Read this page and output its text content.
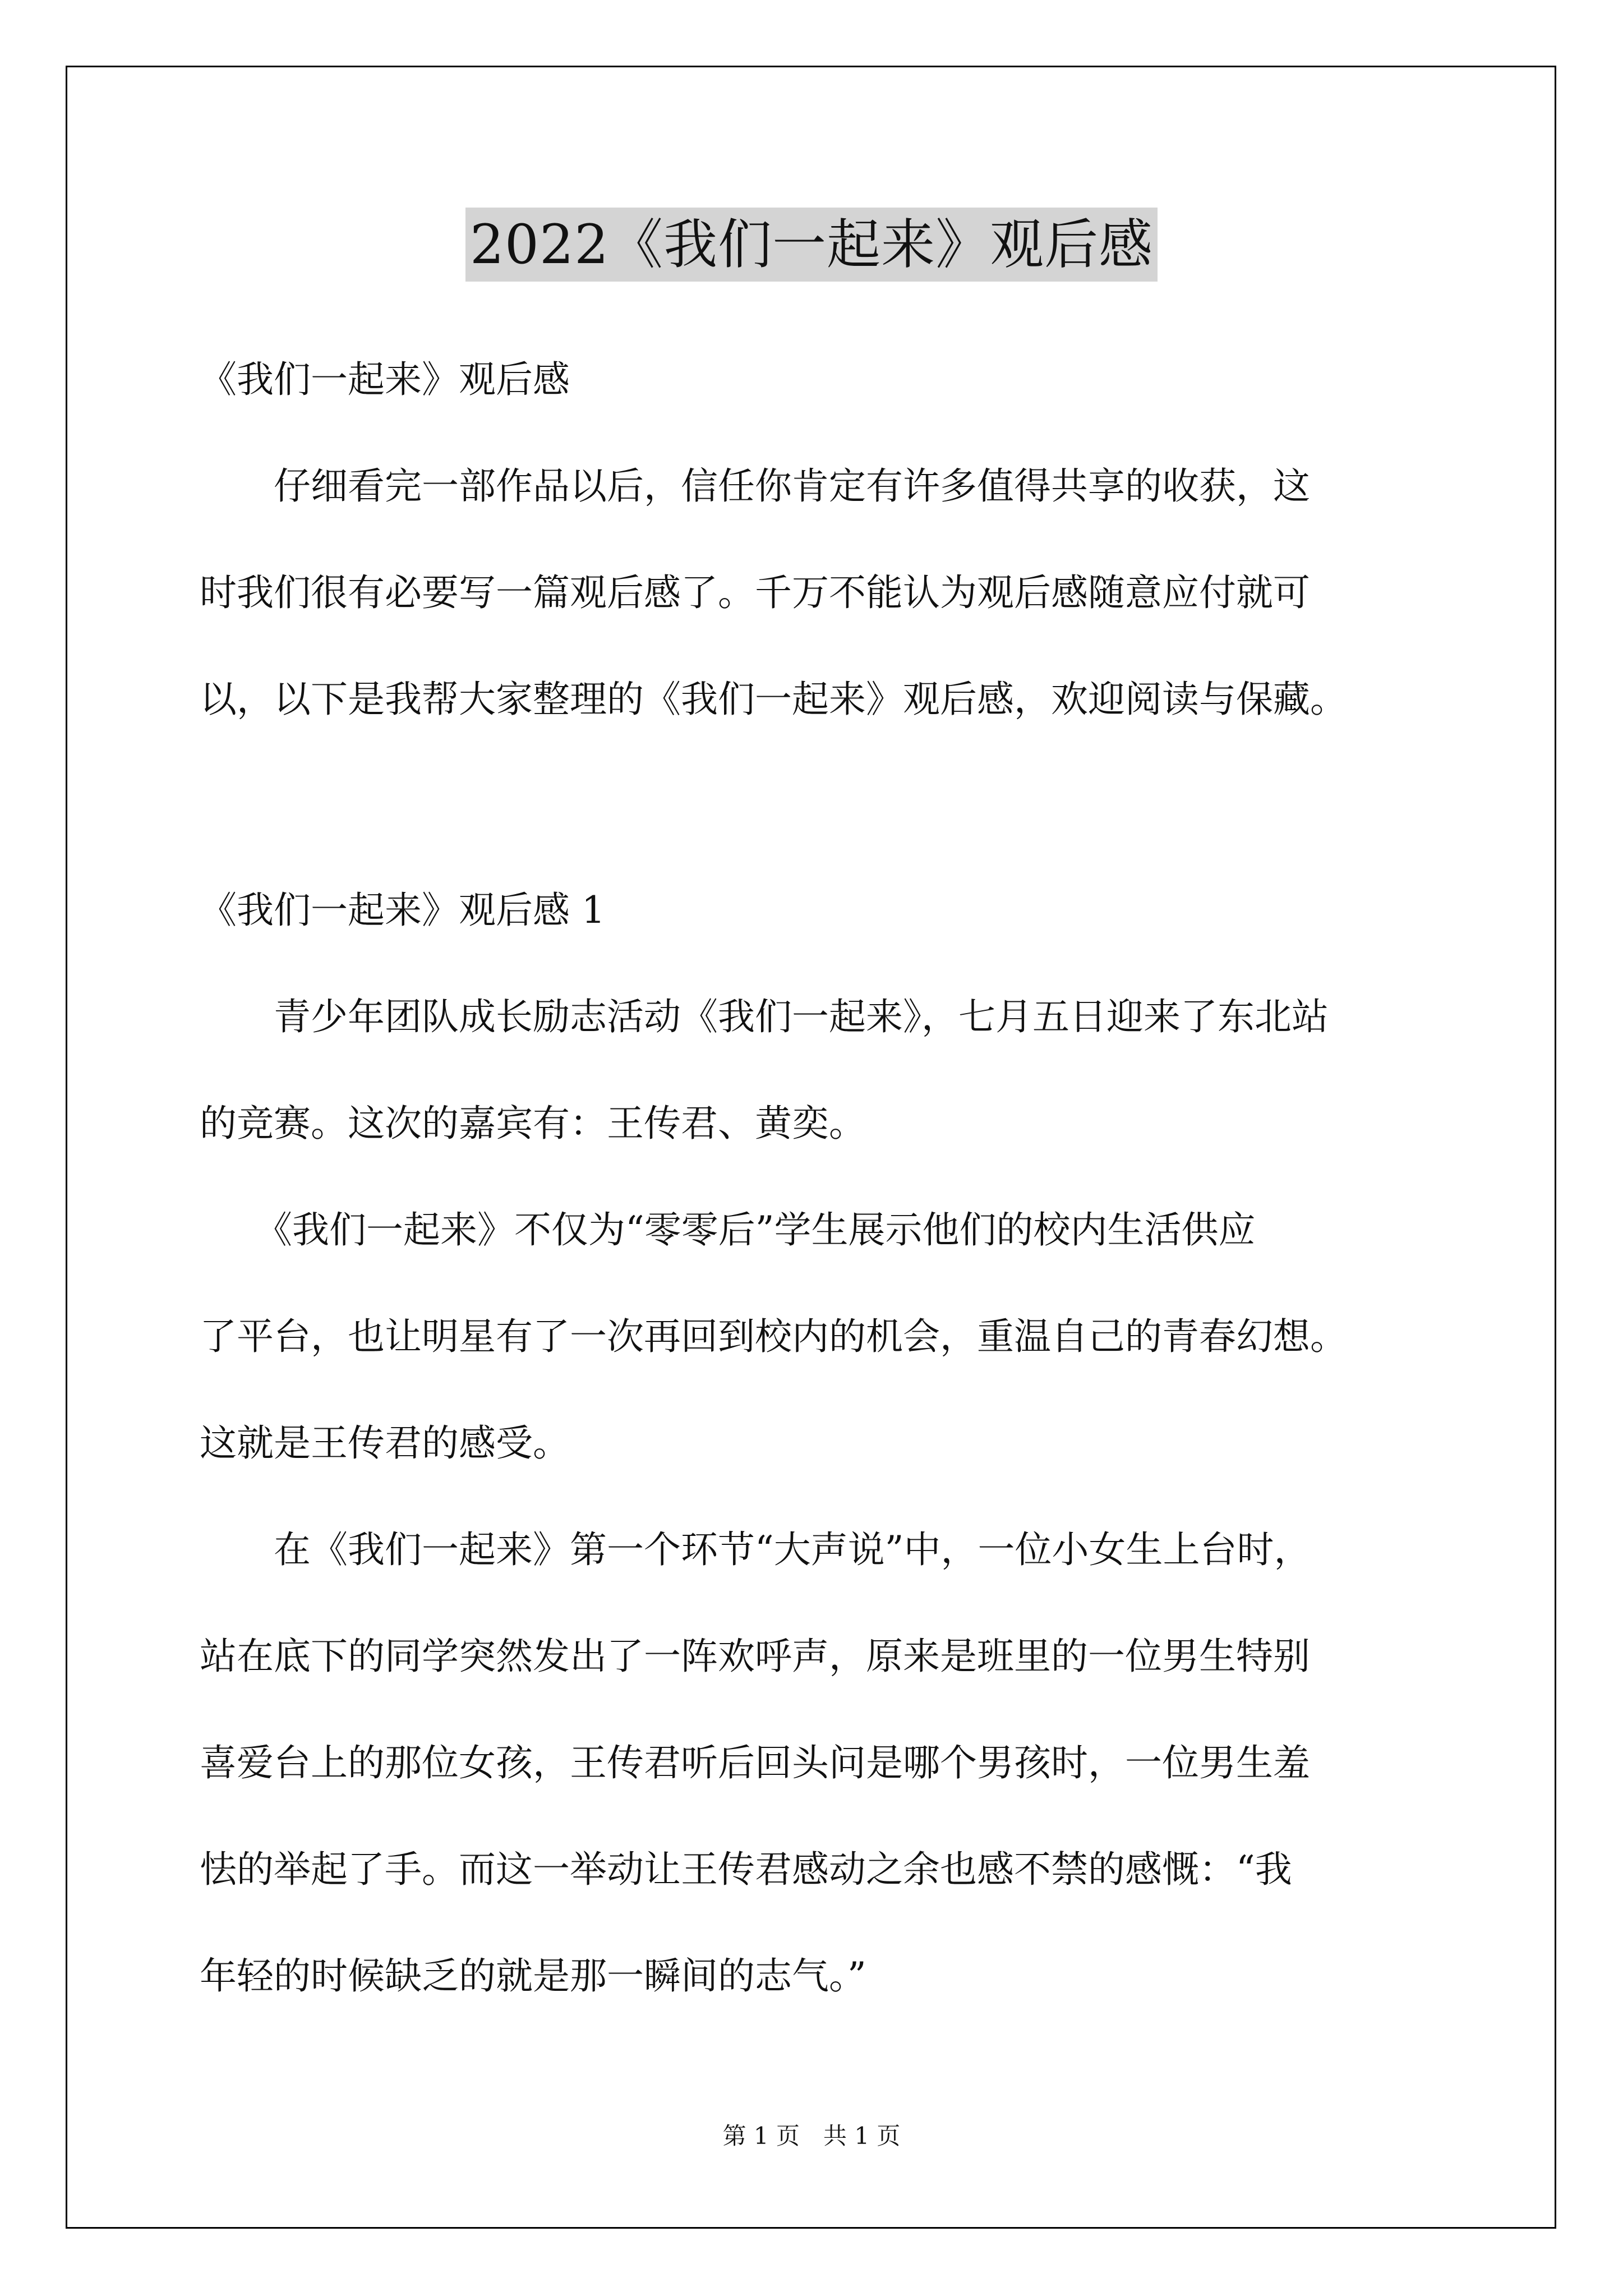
2022《我们一起来》观后感

《我们一起来》观后感

　　仔细看完一部作品以后，信任你肯定有许多值得共享的收获，这

时我们很有必要写一篇观后感了。千万不能认为观后感随意应付就可

以，以下是我帮大家整理的《我们一起来》观后感，欢迎阅读与保藏。

《我们一起来》观后感 1

　　青少年团队成长励志活动《我们一起来》，七月五日迎来了东北站

的竞赛。这次的嘉宾有：王传君、黄奕。

　　《我们一起来》不仅为“零零后”学生展示他们的校内生活供应

了平台，也让明星有了一次再回到校内的机会，重温自己的青春幻想。

这就是王传君的感受。

　　在《我们一起来》第一个环节“大声说”中，一位小女生上台时，

站在底下的同学突然发出了一阵欢呼声，原来是班里的一位男生特别

喜爱台上的那位女孩，王传君听后回头问是哪个男孩时，一位男生羞

怯的举起了手。而这一举动让王传君感动之余也感不禁的感慨：“我

年轻的时候缺乏的就是那一瞬间的志气。”

第 1 页　共 1 页
